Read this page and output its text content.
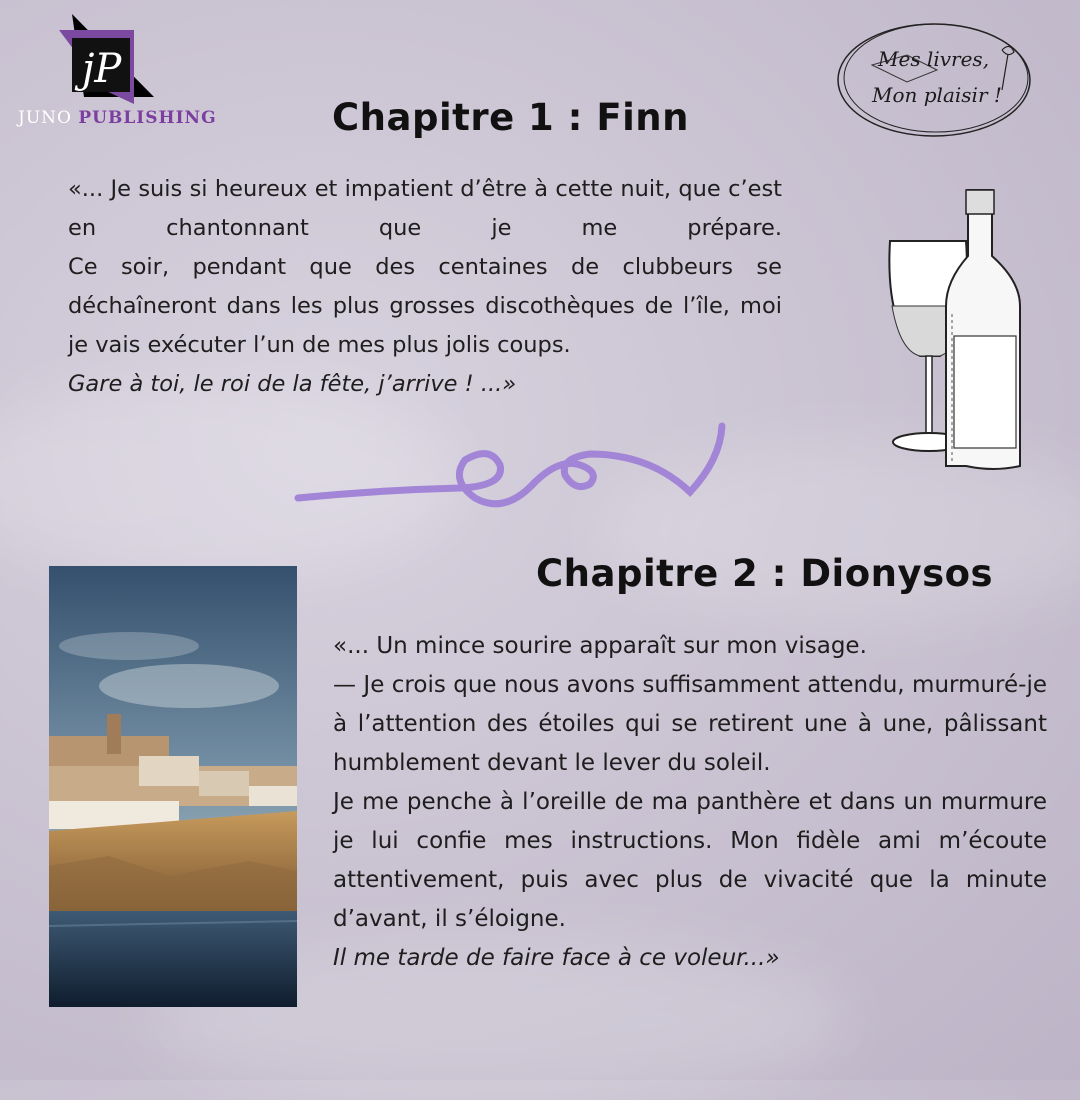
jP
JUNO PUBLISHING
Mes livres,
Mon plaisir !
Chapitre 1 : Finn

«... Je suis si heureux et impatient d’être à cette nuit, que c’est en chantonnant que je me prépare.

Ce soir, pendant que des centaines de clubbeurs se déchaîneront dans les plus grosses discothèques de l’île, moi je vais exécuter l’un de mes plus jolis coups.

Gare à toi, le roi de la fête, j’arrive ! ...»

Chapitre 2 : Dionysos

«... Un mince sourire apparaît sur mon visage.

— Je crois que nous avons suffisamment attendu, murmuré-je à l’attention des étoiles qui se retirent une à une, pâlissant humblement devant le lever du soleil.

Je me penche à l’oreille de ma panthère et dans un murmure je lui confie mes instructions. Mon fidèle ami m’écoute attentivement, puis avec plus de vivacité que la minute d’avant, il s’éloigne.

Il me tarde de faire face à ce voleur...»
